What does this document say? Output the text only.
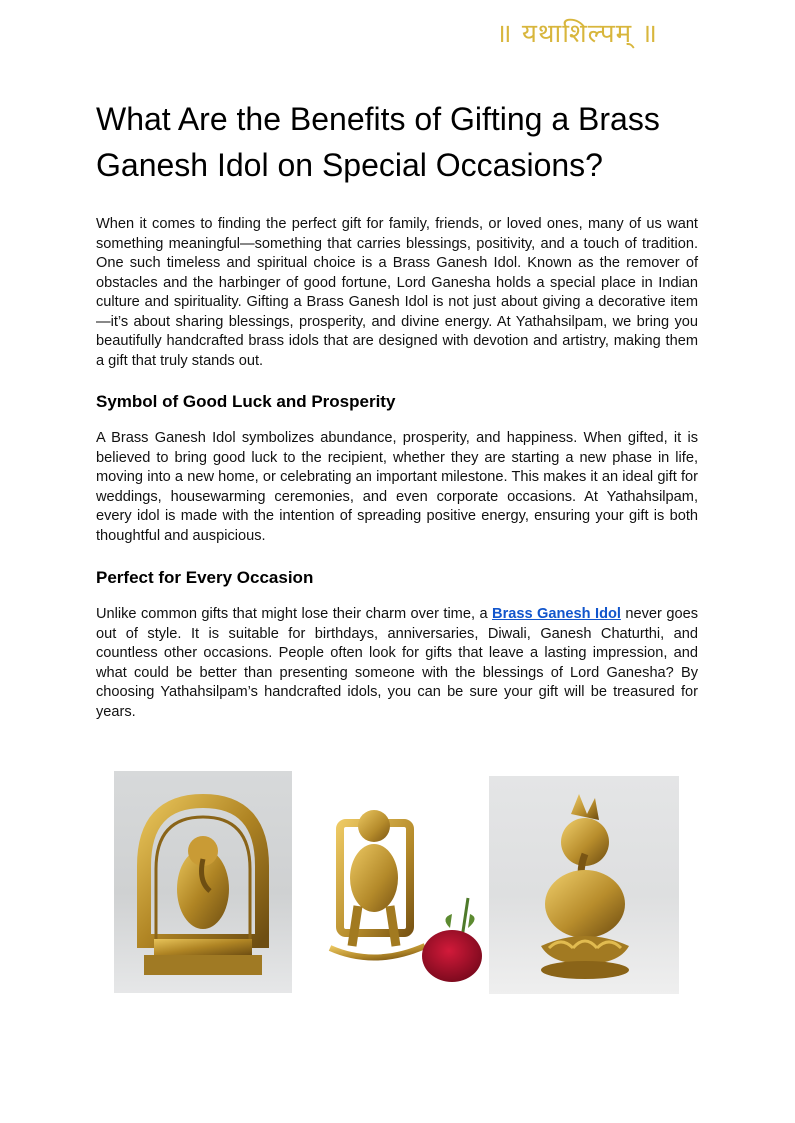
॥ यथाशिल्पम् ॥
What Are the Benefits of Gifting a Brass Ganesh Idol on Special Occasions?

When it comes to finding the perfect gift for family, friends, or loved ones, many of us want something meaningful—something that carries blessings, positivity, and a touch of tradition. One such timeless and spiritual choice is a Brass Ganesh Idol. Known as the remover of obstacles and the harbinger of good fortune, Lord Ganesha holds a special place in Indian culture and spirituality. Gifting a Brass Ganesh Idol is not just about giving a decorative item—it’s about sharing blessings, prosperity, and divine energy. At Yathahsilpam, we bring you beautifully handcrafted brass idols that are designed with devotion and artistry, making them a gift that truly stands out.

Symbol of Good Luck and Prosperity

A Brass Ganesh Idol symbolizes abundance, prosperity, and happiness. When gifted, it is believed to bring good luck to the recipient, whether they are starting a new phase in life, moving into a new home, or celebrating an important milestone. This makes it an ideal gift for weddings, housewarming ceremonies, and even corporate occasions. At Yathahsilpam, every idol is made with the intention of spreading positive energy, ensuring your gift is both thoughtful and auspicious.

Perfect for Every Occasion

Unlike common gifts that might lose their charm over time, a Brass Ganesh Idol never goes out of style. It is suitable for birthdays, anniversaries, Diwali, Ganesh Chaturthi, and countless other occasions. People often look for gifts that leave a lasting impression, and what could be better than presenting someone with the blessings of Lord Ganesha? By choosing Yathahsilpam’s handcrafted idols, you can be sure your gift will be treasured for years.
